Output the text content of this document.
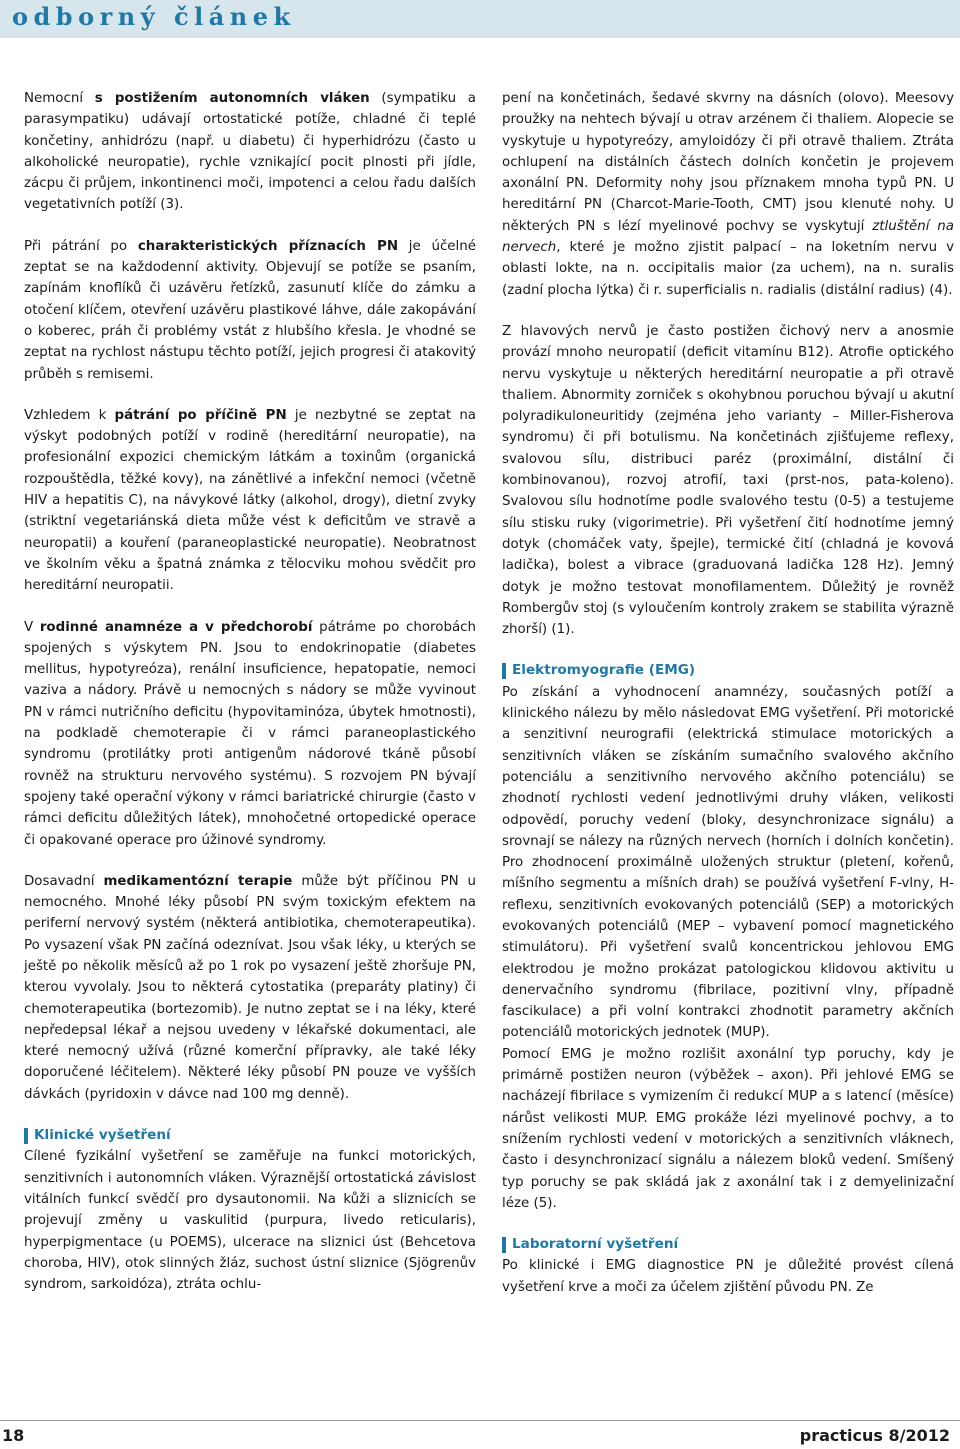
odborný článek

Nemocní s postižením autonomních vláken (sympatiku a parasympatiku) udávají ortostatické potíže, chladné či teplé končetiny, anhidrózu (např. u diabetu) či hyperhidrózu (často u alkoholické neuropatie), rychle vznikající pocit plnosti při jídle, zácpu či průjem, inkontinenci moči, impotenci a celou řadu dalších vegetativních potíží (3).

Při pátrání po charakteristických příznacích PN je účelné zeptat se na každodenní aktivity. Objevují se potíže se psaním, zapínám knoflíků či uzávěru řetízků, zasunutí klíče do zámku a otočení klíčem, otevření uzávěru plastikové láhve, dále zakopávání o koberec, práh či problémy vstát z hlubšího křesla. Je vhodné se zeptat na rychlost nástupu těchto potíží, jejich progresi či atakovitý průběh s remisemi.

Vzhledem k pátrání po příčině PN je nezbytné se zeptat na výskyt podobných potíží v rodině (hereditární neuropatie), na profesionální expozici chemickým látkám a toxinům (organická rozpouštědla, těžké kovy), na zánětlivé a infekční nemoci (včetně HIV a hepatitis C), na návykové látky (alkohol, drogy), dietní zvyky (striktní vegetariánská dieta může vést k deficitům ve stravě a neuropatii) a kouření (paraneoplastické neuropatie). Neobratnost ve školním věku a špatná známka z tělocviku mohou svědčit pro hereditární neuropatii.

V rodinné anamnéze a v předchorobí pátráme po chorobách spojených s výskytem PN. Jsou to endokrinopatie (diabetes mellitus, hypotyreóza), renální insuficience, hepatopatie, nemoci vaziva a nádory. Právě u nemocných s nádory se může vyvinout PN v rámci nutričního deficitu (hypovitaminóza, úbytek hmotnosti), na podkladě chemoterapie či v rámci paraneoplastického syndromu (protilátky proti antigenům nádorové tkáně působí rovněž na strukturu nervového systému). S rozvojem PN bývají spojeny také operační výkony v rámci bariatrické chirurgie (často v rámci deficitu důležitých látek), mnohočetné ortopedické operace či opakované operace pro úžinové syndromy.

Dosavadní medikamentózní terapie může být příčinou PN u nemocného. Mnohé léky působí PN svým toxickým efektem na periferní nervový systém (některá antibiotika, chemoterapeutika). Po vysazení však PN začíná odeznívat. Jsou však léky, u kterých se ještě po několik měsíců až po 1 rok po vysazení ještě zhoršuje PN, kterou vyvolaly. Jsou to některá cytostatika (preparáty platiny) či chemoterapeutika (bortezomib). Je nutno zeptat se i na léky, které nepředepsal lékař a nejsou uvedeny v lékařské dokumentaci, ale které nemocný užívá (různé komerční přípravky, ale také léky doporučené léčitelem). Některé léky působí PN pouze ve vyšších dávkách (pyridoxin v dávce nad 100 mg denně).

Klinické vyšetření

Cílené fyzikální vyšetření se zaměřuje na funkci motorických, senzitivních i autonomních vláken. Výraznější ortostatická závislost vitálních funkcí svědčí pro dysautonomii. Na kůži a sliznicích se projevují změny u vaskulitid (purpura, livedo reticularis), hyperpigmentace (u POEMS), ulcerace na sliznici úst (Behcetova choroba, HIV), otok slinných žláz, suchost ústní sliznice (Sjögrenův syndrom, sarkoidóza), ztráta ochlu-

pení na končetinách, šedavé skvrny na dásních (olovo). Meesovy proužky na nehtech bývají u otrav arzénem či thaliem. Alopecie se vyskytuje u hypotyreózy, amyloidózy či při otravě thaliem. Ztráta ochlupení na distálních částech dolních končetin je projevem axonální PN. Deformity nohy jsou příznakem mnoha typů PN. U hereditární PN (Charcot-Marie-Tooth, CMT) jsou klenuté nohy. U některých PN s lézí myelinové pochvy se vyskytují ztluštění na nervech, které je možno zjistit palpací – na loketním nervu v oblasti lokte, na n. occipitalis maior (za uchem), na n. suralis (zadní plocha lýtka) či r. superficialis n. radialis (distální radius) (4).

Z hlavových nervů je často postižen čichový nerv a anosmie provází mnoho neuropatií (deficit vitamínu B12). Atrofie optického nervu vyskytuje u některých hereditární neuropatie a při otravě thaliem. Abnormity zorniček s okohybnou poruchou bývají u akutní polyradikuloneuritidy (zejména jeho varianty – Miller-Fisherova syndromu) či při botulismu. Na končetinách zjišťujeme reflexy, svalovou sílu, distribuci paréz (proximální, distální či kombinovanou), rozvoj atrofií, taxi (prst-nos, pata-koleno). Svalovou sílu hodnotíme podle svalového testu (0-5) a testujeme sílu stisku ruky (vigorimetrie). Při vyšetření čití hodnotíme jemný dotyk (chomáček vaty, špejle), termické čití (chladná je kovová ladička), bolest a vibrace (graduovaná ladička 128 Hz). Jemný dotyk je možno testovat monofilamentem. Důležitý je rovněž Rombergův stoj (s vyloučením kontroly zrakem se stabilita výrazně zhorší) (1).

Elektromyografie (EMG)

Po získání a vyhodnocení anamnézy, současných potíží a klinického nálezu by mělo následovat EMG vyšetření. Při motorické a senzitivní neurografii (elektrická stimulace motorických a senzitivních vláken se získáním sumačního svalového akčního potenciálu a senzitivního nervového akčního potenciálu) se zhodnotí rychlosti vedení jednotlivými druhy vláken, velikosti odpovědí, poruchy vedení (bloky, desynchronizace signálu) a srovnají se nálezy na různých nervech (horních i dolních končetin). Pro zhodnocení proximálně uložených struktur (pletení, kořenů, míšního segmentu a míšních drah) se používá vyšetření F-vlny, H-reflexu, senzitivních evokovaných potenciálů (SEP) a motorických evokovaných potenciálů (MEP – vybavení pomocí magnetického stimulátoru). Při vyšetření svalů koncentrickou jehlovou EMG elektrodou je možno prokázat patologickou klidovou aktivitu u denervačního syndromu (fibrilace, pozitivní vlny, případně fascikulace) a při volní kontrakci zhodnotit parametry akčních potenciálů motorických jednotek (MUP).

Pomocí EMG je možno rozlišit axonální typ poruchy, kdy je primárně postižen neuron (výběžek – axon). Při jehlové EMG se nacházejí fibrilace s vymizením či redukcí MUP a s latencí (měsíce) nárůst velikosti MUP. EMG prokáže lézi myelinové pochvy, a to snížením rychlosti vedení v motorických a senzitivních vláknech, často i desynchronizací signálu a nálezem bloků vedení. Smíšený typ poruchy se pak skládá jak z axonální tak i z demyelinizační léze (5).

Laboratorní vyšetření

Po klinické i EMG diagnostice PN je důležité provést cílená vyšetření krve a moči za účelem zjištění původu PN. Ze

18	practicus 8/2012
